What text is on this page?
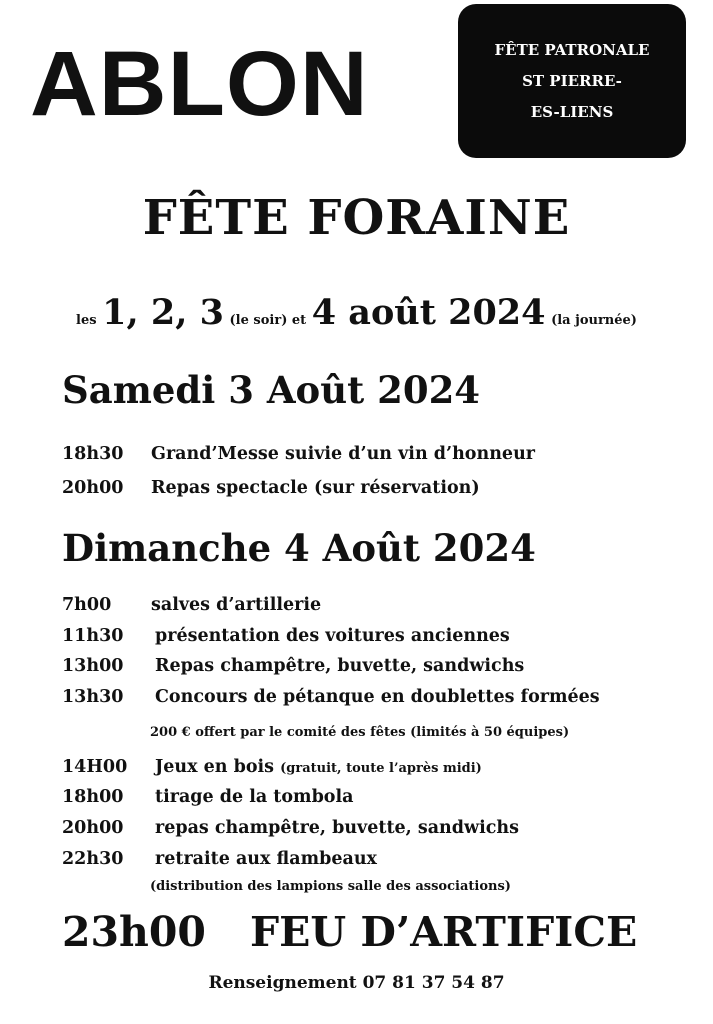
ABLON	FÊTE PATRONALE
ST PIERRE-
ES-LIENS
FÊTE FORAINE
les 1, 2, 3 (le soir) et 4 août 2024 (la journée)
Samedi 3 Août 2024
18h30 Grand’Messe suivie d’un vin d’honneur
20h00 Repas spectacle (sur réservation)
Dimanche 4 Août 2024
7h00 salves d’artillerie
11h30 présentation des voitures anciennes
13h00 Repas champêtre, buvette, sandwichs
13h30 Concours de pétanque en doublettes formées
200 € offert par le comité des fêtes (limités à 50 équipes)
14H00 Jeux en bois (gratuit, toute l’après midi)
18h00 tirage de la tombola
20h00 repas champêtre, buvette, sandwichs
22h30 retraite aux flambeaux
(distribution des lampions salle des associations)
23h00 FEU D’ARTIFICE
Renseignement 07 81 37 54 87
